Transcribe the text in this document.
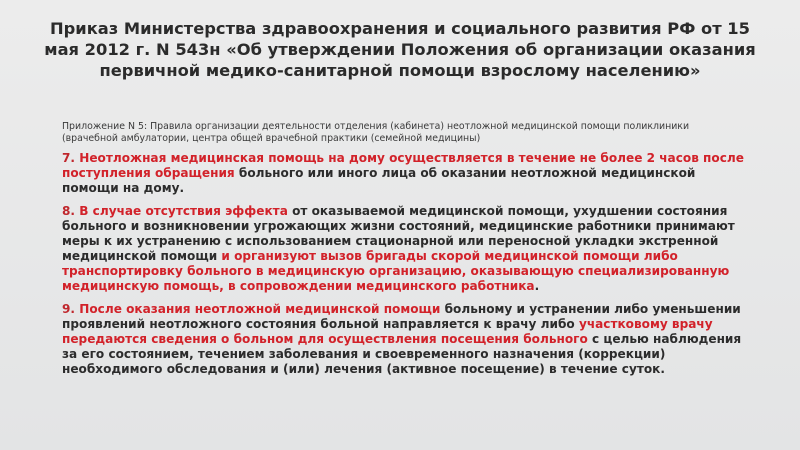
Приказ Министерства здравоохранения и социального развития РФ от 15 мая 2012 г. N 543н «Об утверждении Положения об организации оказания первичной медико-санитарной помощи взрослому населению»
Приложение N 5: Правила организации деятельности отделения (кабинета) неотложной медицинской помощи поликлиники (врачебной амбулатории, центра общей врачебной практики (семейной медицины)

7. Неотложная медицинская помощь на дому осуществляется в течение не более 2 часов после поступления обращения больного или иного лица об оказании неотложной медицинской помощи на дому.

8. В случае отсутствия эффекта от оказываемой медицинской помощи, ухудшении состояния больного и возникновении угрожающих жизни состояний, медицинские работники принимают меры к их устранению с использованием стационарной или переносной укладки экстренной медицинской помощи и организуют вызов бригады скорой медицинской помощи либо транспортировку больного в медицинскую организацию, оказывающую специализированную медицинскую помощь, в сопровождении медицинского работника.

9. После оказания неотложной медицинской помощи больному и устранении либо уменьшении проявлений неотложного состояния больной направляется к врачу либо участковому врачу передаются сведения о больном для осуществления посещения больного с целью наблюдения за его состоянием, течением заболевания и своевременного назначения (коррекции) необходимого обследования и (или) лечения (активное посещение) в течение суток.
